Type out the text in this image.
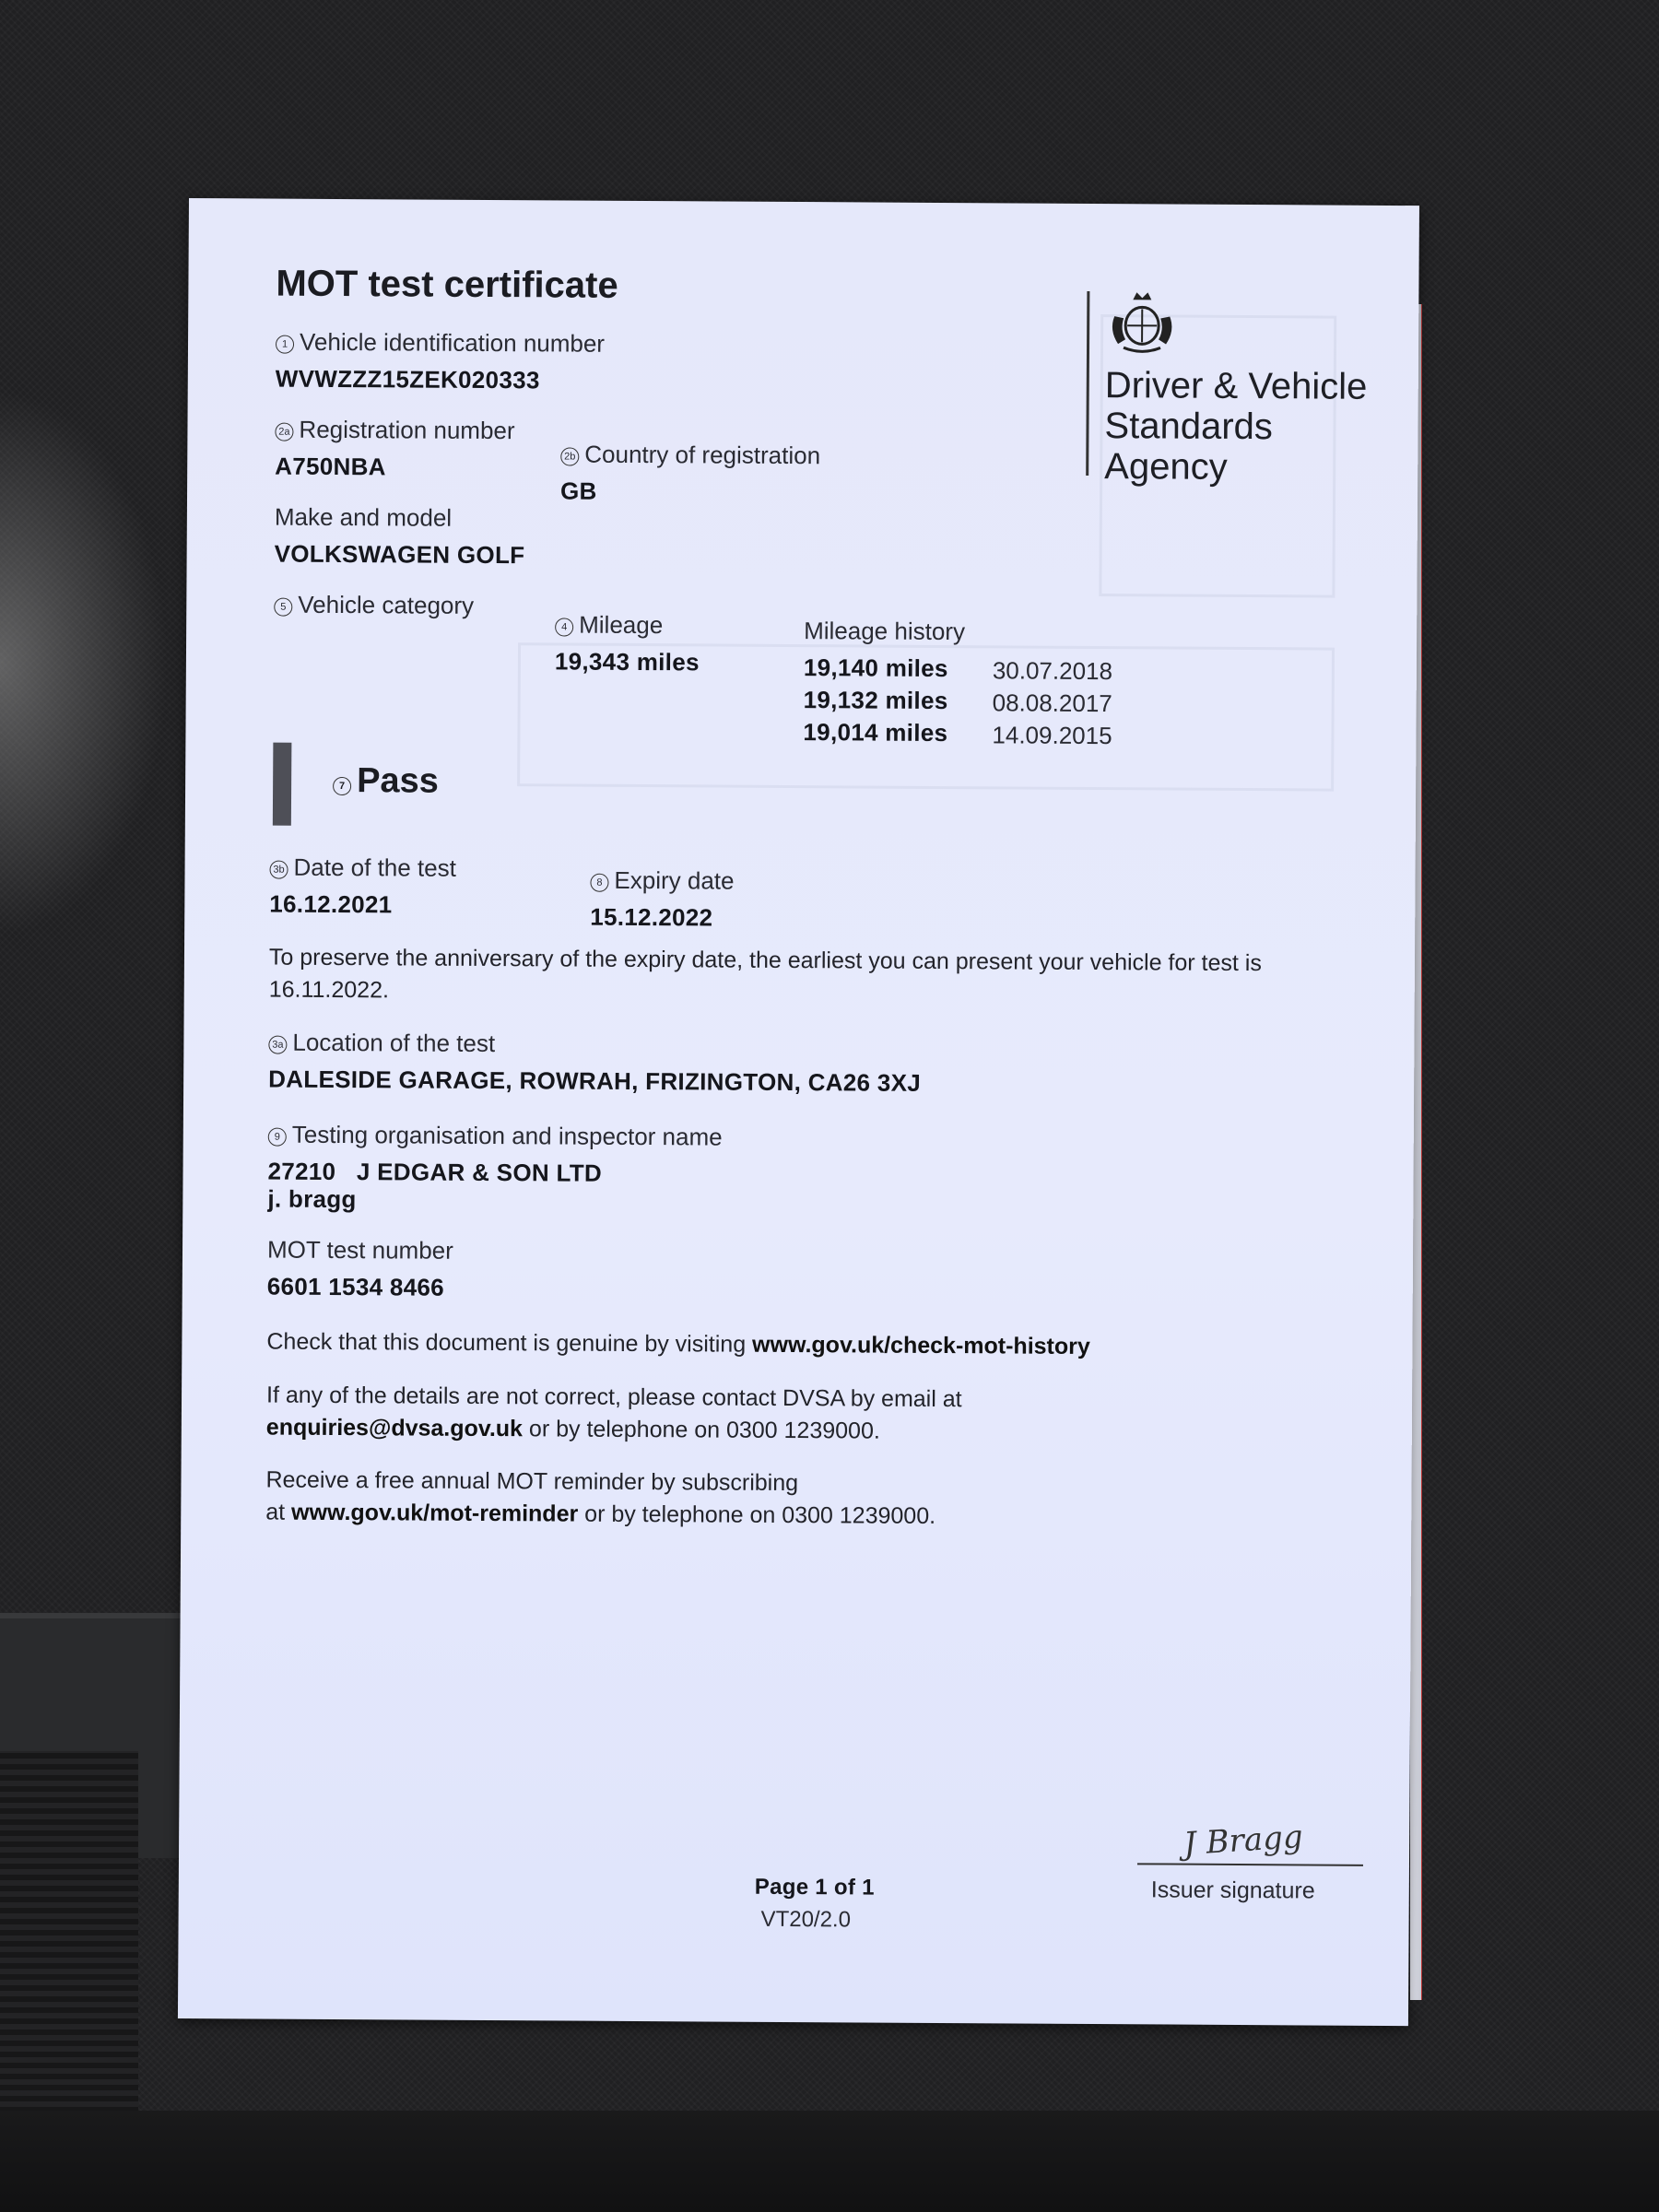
MOT test certificate
1 Vehicle identification number
WVWZZZ15ZEK020333
2a Registration number
A750NBA	2b Country of registration
GB
Make and model
VOLKSWAGEN GOLF
5 Vehicle category
4 Mileage
19,343 miles
Mileage history
19,140 miles 30.07.2018
19,132 miles 08.08.2017
19,014 miles 14.09.2015
7 Pass
3b Date of the test
16.12.2021
8 Expiry date
15.12.2022
To preserve the anniversary of the expiry date, the earliest you can present your vehicle for test is
16.11.2022.
3a Location of the test
DALESIDE GARAGE, ROWRAH, FRIZINGTON, CA26 3XJ
9 Testing organisation and inspector name
27210 J EDGAR & SON LTD
j. bragg
MOT test number
6601 1534 8466
Check that this document is genuine by visiting www.gov.uk/check-mot-history
If any of the details are not correct, please contact DVSA by email at
enquiries@dvsa.gov.uk or by telephone on 0300 1239000.
Receive a free annual MOT reminder by subscribing
at www.gov.uk/mot-reminder or by telephone on 0300 1239000.
Driver & Vehicle
Standards
Agency
Page 1 of 1
VT20/2.0
J Bragg
Issuer signature
